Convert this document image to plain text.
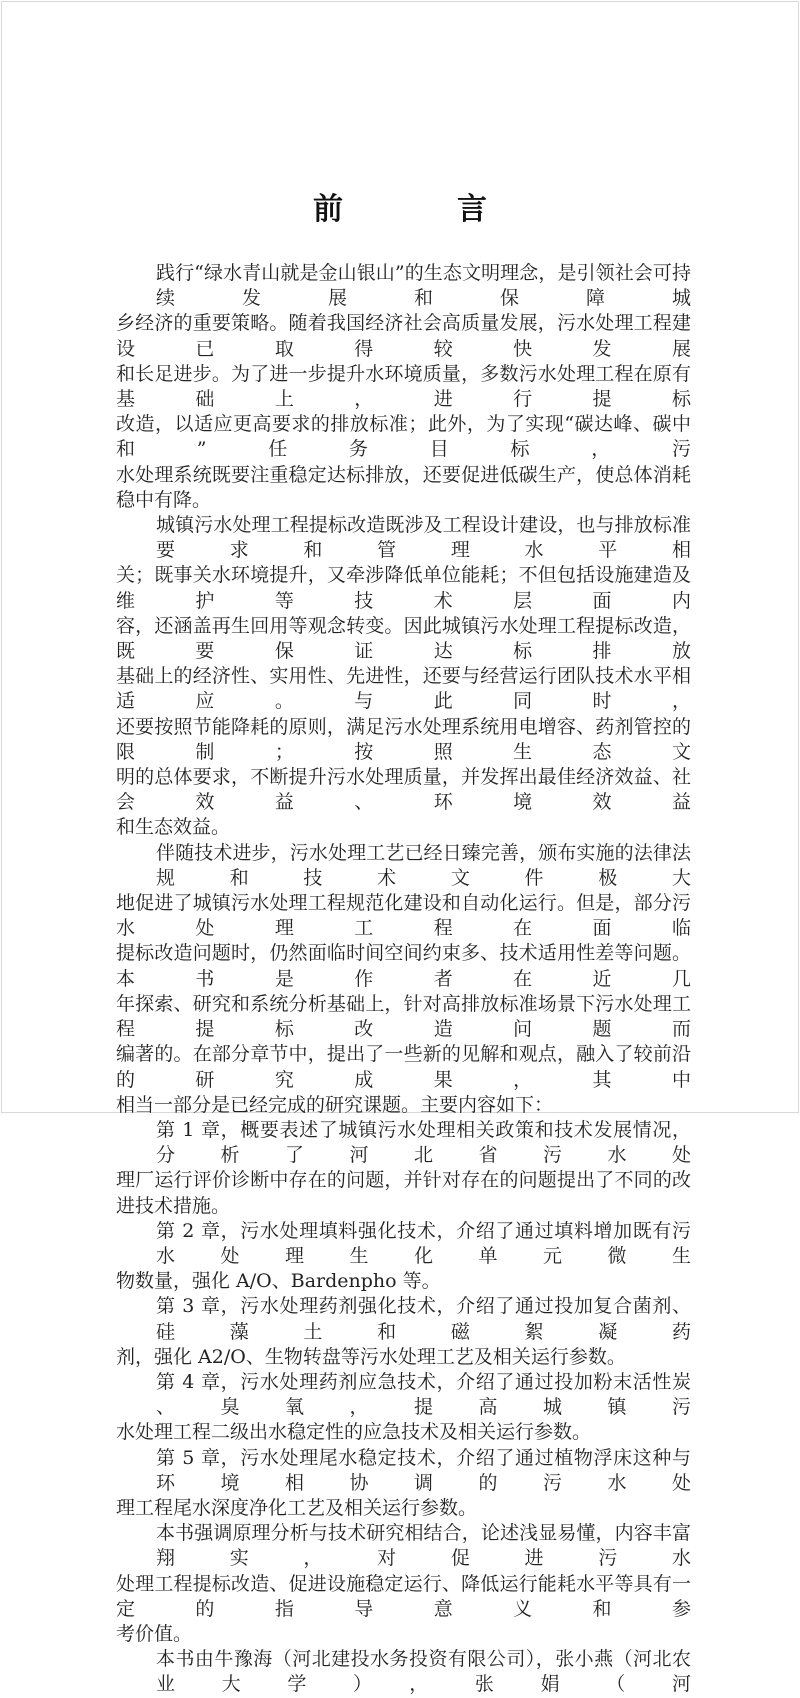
前　言
践行“绿水青山就是金山银山”的生态文明理念，是引领社会可持续发展和保障城
乡经济的重要策略。随着我国经济社会高质量发展，污水处理工程建设已取得较快发展
和长足进步。为了进一步提升水环境质量，多数污水处理工程在原有基础上，进行提标
改造，以适应更高要求的排放标准；此外，为了实现“碳达峰、碳中和”任务目标，污
水处理系统既要注重稳定达标排放，还要促进低碳生产，使总体消耗稳中有降。
城镇污水处理工程提标改造既涉及工程设计建设，也与排放标准要求和管理水平相
关；既事关水环境提升，又牵涉降低单位能耗；不但包括设施建造及维护等技术层面内
容，还涵盖再生回用等观念转变。因此城镇污水处理工程提标改造，既要保证达标排放
基础上的经济性、实用性、先进性，还要与经营运行团队技术水平相适应。与此同时，
还要按照节能降耗的原则，满足污水处理系统用电增容、药剂管控的限制；按照生态文
明的总体要求，不断提升污水处理质量，并发挥出最佳经济效益、社会效益、环境效益
和生态效益。
伴随技术进步，污水处理工艺已经日臻完善，颁布实施的法律法规和技术文件极大
地促进了城镇污水处理工程规范化建设和自动化运行。但是，部分污水处理工程在面临
提标改造问题时，仍然面临时间空间约束多、技术适用性差等问题。本书是作者在近几
年探索、研究和系统分析基础上，针对高排放标准场景下污水处理工程提标改造问题而
编著的。在部分章节中，提出了一些新的见解和观点，融入了较前沿的研究成果，其中
相当一部分是已经完成的研究课题。主要内容如下：
第 1 章，概要表述了城镇污水处理相关政策和技术发展情况，分析了河北省污水处
理厂运行评价诊断中存在的问题，并针对存在的问题提出了不同的改进技术措施。
第 2 章，污水处理填料强化技术，介绍了通过填料增加既有污水处理生化单元微生
物数量，强化 A/O、Bardenpho 等。
第 3 章，污水处理药剂强化技术，介绍了通过投加复合菌剂、硅藻土和磁絮凝药
剂，强化 A2/O、生物转盘等污水处理工艺及相关运行参数。
第 4 章，污水处理药剂应急技术，介绍了通过投加粉末活性炭、臭氧，提高城镇污
水处理工程二级出水稳定性的应急技术及相关运行参数。
第 5 章，污水处理尾水稳定技术，介绍了通过植物浮床这种与环境相协调的污水处
理工程尾水深度净化工艺及相关运行参数。
本书强调原理分析与技术研究相结合，论述浅显易懂，内容丰富翔实，对促进污水
处理工程提标改造、促进设施稳定运行、降低运行能耗水平等具有一定的指导意义和参
考价值。
本书由牛豫海（河北建投水务投资有限公司），张小燕（河北农业大学），张娟（河
